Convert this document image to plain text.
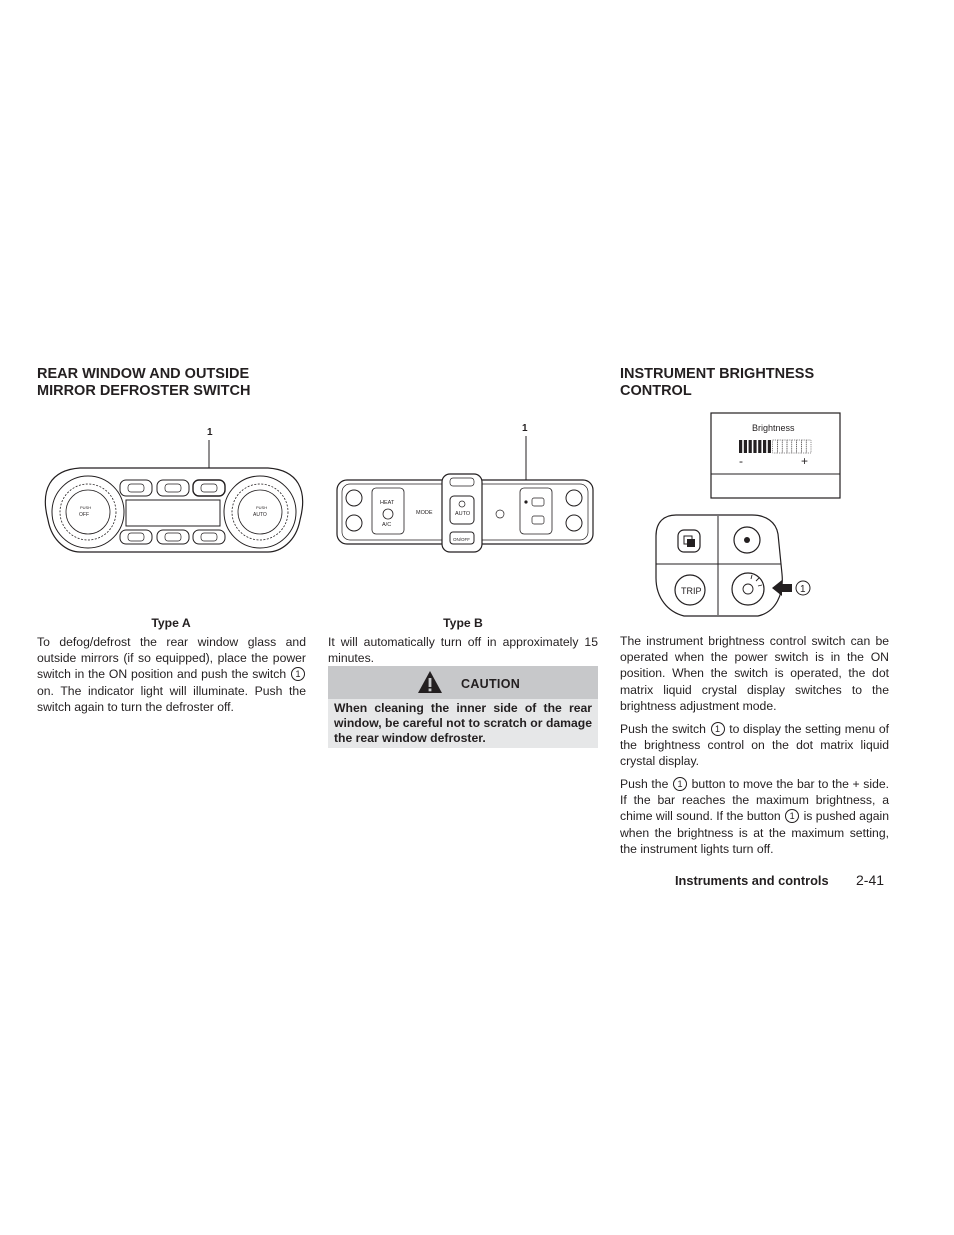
REAR WINDOW AND OUTSIDE
MIRROR DEFROSTER SWITCH
1
PUSH
OFF
PUSH
AUTO
Type A
1
HEAT
A/C
MODE	AUTO
ON/OFF
Type B

To defog/defrost the rear window glass and outside mirrors (if so equipped), place the power switch in the ON position and push the switch 1 on. The indicator light will illuminate. Push the switch again to turn the defroster off.

It will automatically turn off in approximately 15 minutes.

CAUTION
When cleaning the inner side of the rear window, be careful not to scratch or damage the rear window defroster.
INSTRUMENT BRIGHTNESS
CONTROL
Brightness
-	+
TRIP	1

The instrument brightness control switch can be operated when the power switch is in the ON position. When the switch is operated, the dot matrix liquid crystal display switches to the brightness adjustment mode.

Push the switch 1 to display the setting menu of the brightness control on the dot matrix liquid crystal display.

Push the 1 button to move the bar to the + side. If the bar reaches the maximum brightness, a chime will sound. If the button 1 is pushed again when the brightness is at the maximum setting, the instrument lights turn off.

Instruments and controls 2-41
